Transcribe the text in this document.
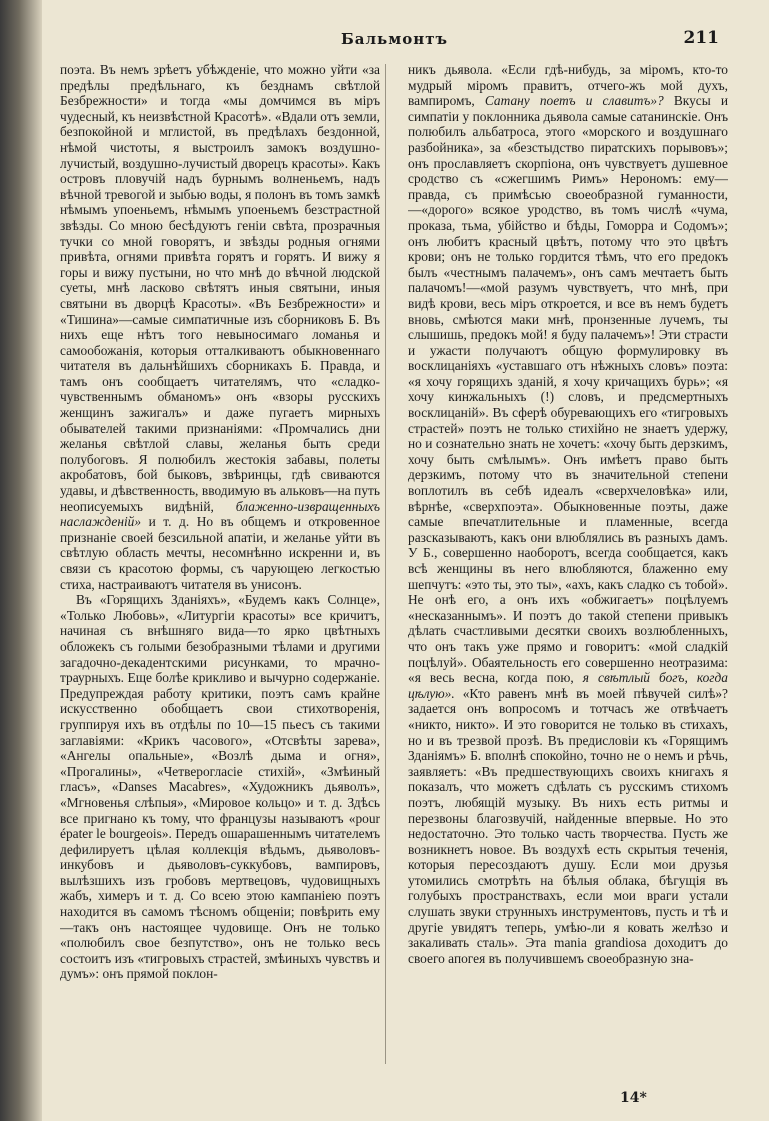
Бальмонтъ	211

поэта. Въ немъ зрѣетъ убѣжденіе, что можно уйти «за предѣлы предѣльнаго, къ безднамъ свѣтлой Безбрежности» и тогда «мы домчимся въ міръ чудесный, къ неизвѣстной Красотѣ». «Вдали отъ земли, безпокойной и мглистой, въ предѣлахъ бездонной, нѣмой чистоты, я выстроилъ замокъ воздушно-лучистый, воздушно-лучистый дворецъ красоты». Какъ островъ пловучій надъ бурнымъ волненьемъ, надъ вѣчной тревогой и зыбью воды, я полонъ въ томъ замкѣ нѣмымъ упоеньемъ, нѣмымъ упоеньемъ безстрастной звѣзды. Со мною бесѣдуютъ геніи свѣта, прозрачныя тучки со мной говорятъ, и звѣзды родныя огнями привѣта, огнями привѣта горятъ и горятъ. И вижу я горы и вижу пустыни, но что мнѣ до вѣчной людской суеты, мнѣ ласково свѣтятъ иныя святыни, иныя святыни въ дворцѣ Красоты». «Въ Безбрежности» и «Тишина»—самые симпатичные изъ сборниковъ Б. Въ нихъ еще нѣтъ того невыносимаго ломанья и самообожанія, которыя отталкиваютъ обыкновеннаго читателя въ дальнѣйшихъ сборникахъ Б. Правда, и тамъ онъ сообщаетъ читателямъ, что «сладко-чувственнымъ обманомъ» онъ «взоры русскихъ женщинъ зажигалъ» и даже пугаетъ мирныхъ обывателей такими признаніями: «Промчались дни желанья свѣтлой славы, желанья быть среди полубоговъ. Я полюбилъ жестокія забавы, полеты акробатовъ, бой быковъ, звѣринцы, гдѣ свиваются удавы, и дѣвственность, вводимую въ альковъ—на путь неописуемыхъ видѣній, блаженно-извращенныхъ наслажденій» и т. д. Но въ общемъ и откровенное признаніе своей безсильной апатіи, и желанье уйти въ свѣтлую область мечты, несомнѣнно искренни и, въ связи съ красотою формы, съ чарующею легкостью стиха, настраиваютъ читателя въ унисонъ.

Въ «Горящихъ Зданіяхъ», «Будемъ какъ Солнце», «Только Любовь», «Литургіи красоты» все кричитъ, начиная съ внѣшняго вида—то ярко цвѣтныхъ обложекъ съ голыми безобразными тѣлами и другими загадочно-декадентскими рисунками, то мрачно-траурныхъ. Еще болѣе крикливо и вычурно содержаніе. Предупреждая работу критики, поэтъ самъ крайне искусственно обобщаетъ свои стихотворенія, группируя ихъ въ отдѣлы по 10—15 пьесъ съ такими заглавіями: «Крикъ часового», «Отсвѣты зарева», «Ангелы опальные», «Возлѣ дыма и огня», «Прогалины», «Четвероглaсie стихій», «Змѣиный глаcъ», «Danses Macabres», «Художникъ дьяволъ», «Мгновенья слѣпыя», «Мировое кольцо» и т. д. Здѣсь все пригнано къ тому, что французы называютъ «pour épater le bourgeois». Передъ ошарашеннымъ читателемъ дефилируетъ цѣлая коллекція вѣдьмъ, дьяволовъ-инкубовъ и дьяволовъ-суккубовъ, вампировъ, вылѣзшихъ изъ гробовъ мертвецовъ, чудовищныхъ жабъ, химеръ и т. д. Со всею этою кампаніею поэтъ находится въ самомъ тѣсномъ общеніи; повѣрить ему—такъ онъ настоящее чудовище. Онъ не только «полюбилъ свое безпутство», онъ не только весь состоитъ изъ «тигровыхъ страстей, змѣиныхъ чувствъ и думъ»: онъ прямой поклон-

никъ дьявола. «Если гдѣ-нибудь, за міромъ, кто-то мудрый міромъ правитъ, отчего-жъ мой духъ, вампиромъ, Сатану поетъ и славитъ»? Вкусы и симпатіи у поклонника дьявола самые сатанинскіе. Онъ полюбилъ альбатроса, этого «морского и воздушнаго разбойника», за «безстыдство пиратскихъ порывовъ»; онъ прославляетъ скорпіона, онъ чувствуетъ душевное сродство съ «сжегшимъ Римъ» Нерономъ: ему—правда, съ примѣсью своеобразной гуманности,—«дорого» всякое уродство, въ томъ числѣ «чума, проказа, тьма, убійство и бѣды, Гоморра и Содомъ»; онъ любитъ красный цвѣтъ, потому что это цвѣтъ крови; онъ не только гордится тѣмъ, что его предокъ былъ «честнымъ палачемъ», онъ самъ мечтаетъ быть палачомъ!—«мой разумъ чувствуетъ, что мнѣ, при видѣ крови, весь міръ откроется, и все въ немъ будетъ вновь, смѣются маки мнѣ, пронзенные лучемъ, ты слышишь, предокъ мой! я буду палачемъ»! Эти страсти и ужасти получаютъ общую формулировку въ восклицаніяхъ «уставшаго отъ нѣжныхъ словъ» поэта: «я хочу горящихъ зданій, я хочу кричащихъ бурь»; «я хочу кинжальныхъ (!) словъ, и предсмертныхъ восклицаній». Въ сферѣ обуревающихъ его «тигровыхъ страстей» поэтъ не только стихійно не знаетъ удержу, но и сознательно знать не хочетъ: «хочу быть дерзкимъ, хочу быть смѣлымъ». Онъ имѣетъ право быть дерзкимъ, потому что въ значительной степени воплотилъ въ себѣ идеалъ «сверхчеловѣка» или, вѣрнѣе, «сверхпоэта». Обыкновенные поэты, даже самые впечатлительные и пламенные, всегда разсказываютъ, какъ они влюблялись въ разныхъ дамъ. У Б., совершенно наоборотъ, всегда сообщается, какъ всѣ женщины въ него влюбляются, блаженно ему шепчутъ: «это ты, это ты», «ахъ, какъ сладко съ тобой». Не онѣ его, а онъ ихъ «обжигаетъ» поцѣлуемъ «несказаннымъ». И поэтъ до такой степени привыкъ дѣлать счастливыми десятки своихъ возлюбленныхъ, что онъ такъ уже прямо и говоритъ: «мой сладкій поцѣлуй». Обаятельность его совершенно неотразима: «я весь весна, когда пою, я свѣтлый богъ, когда цѣлую». «Кто равенъ мнѣ въ моей пѣвучей силѣ»? задается онъ вопросомъ и тотчасъ же отвѣчаетъ «никто, никто». И это говорится не только въ стихахъ, но и въ трезвой прозѣ. Въ предисловіи къ «Горящимъ Зданіямъ» Б. вполнѣ спокойно, точно не о немъ и рѣчь, заявляетъ: «Въ предшествующихъ своихъ книгахъ я показалъ, что можетъ сдѣлать съ русскимъ стихомъ поэтъ, любящій музыку. Въ нихъ есть ритмы и перезвоны благозвучій, найденные впервые. Но это недостаточно. Это только часть творчества. Пусть же возникнетъ новое. Въ воздухѣ есть скрытыя теченія, которыя пересоздаютъ душу. Если мои друзья утомились смотрѣть на бѣлыя облака, бѣгущія въ голубыхъ пространствахъ, если мои враги устали слушать звуки струнныхъ инструментовъ, пусть и тѣ и другіе увидятъ теперь, умѣю-ли я ковать желѣзо и закаливать сталь». Эта mania grandiosa доходитъ до своего апогея въ получившемъ своеобразную зна-

14*
